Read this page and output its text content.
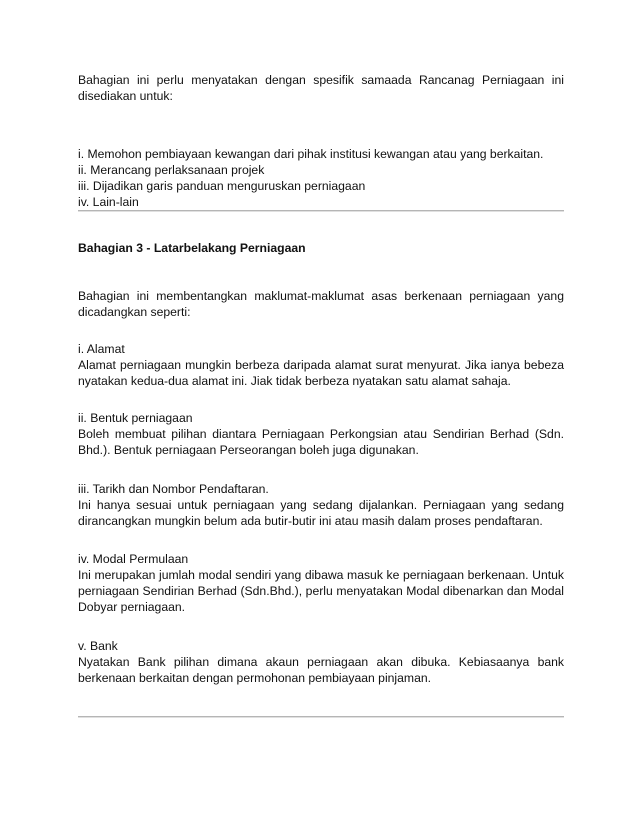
Bahagian ini perlu menyatakan dengan spesifik samaada Rancanag Perniagaan ini
disediakan untuk:
i. Memohon pembiayaan kewangan dari pihak institusi kewangan atau yang berkaitan.
ii. Merancang perlaksanaan projek
iii. Dijadikan garis panduan menguruskan perniagaan
iv. Lain-lain
Bahagian 3 - Latarbelakang Perniagaan
Bahagian ini membentangkan maklumat-maklumat asas berkenaan perniagaan yang
dicadangkan seperti:
i. Alamat
Alamat perniagaan mungkin berbeza daripada alamat surat menyurat. Jika ianya bebeza
nyatakan kedua-dua alamat ini. Jiak tidak berbeza nyatakan satu alamat sahaja.
ii. Bentuk perniagaan
Boleh membuat pilihan diantara Perniagaan Perkongsian atau Sendirian Berhad (Sdn.
Bhd.). Bentuk perniagaan Perseorangan boleh juga digunakan.
iii. Tarikh dan Nombor Pendaftaran.
Ini hanya sesuai untuk perniagaan yang sedang dijalankan. Perniagaan yang sedang
dirancangkan mungkin belum ada butir-butir ini atau masih dalam proses pendaftaran.
iv. Modal Permulaan
Ini merupakan jumlah modal sendiri yang dibawa masuk ke perniagaan berkenaan. Untuk
perniagaan Sendirian Berhad (Sdn.Bhd.), perlu menyatakan Modal dibenarkan dan Modal
Dobyar perniagaan.
v. Bank
Nyatakan Bank pilihan dimana akaun perniagaan akan dibuka. Kebiasaanya bank
berkenaan berkaitan dengan permohonan pembiayaan pinjaman.
